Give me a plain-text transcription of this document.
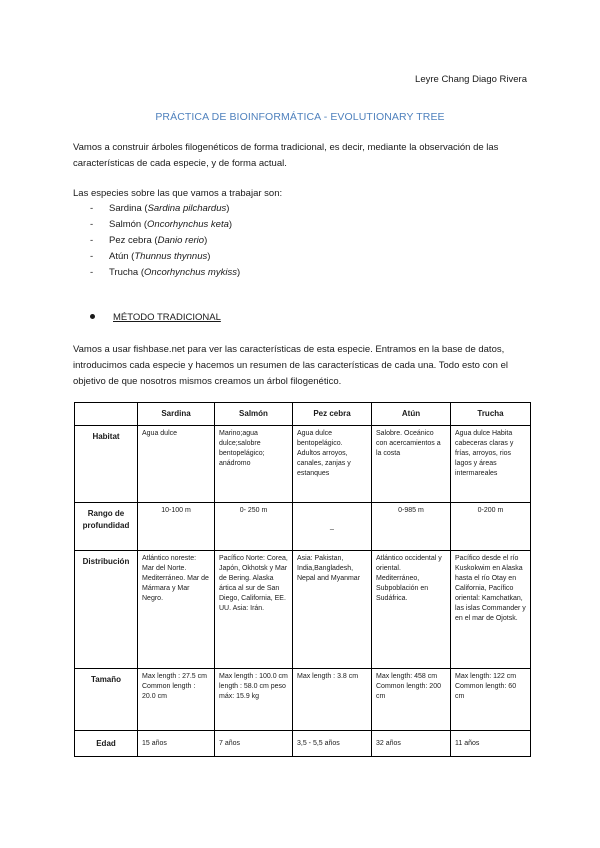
Leyre Chang Diago Rivera
PRÁCTICA DE BIOINFORMÁTICA - EVOLUTIONARY TREE
Vamos a construir árboles filogenéticos de forma tradicional, es decir, mediante la observación de las características de cada especie, y de forma actual.
Las especies sobre las que vamos a trabajar son:
- Sardina (Sardina pilchardus)
- Salmón (Oncorhynchus keta)
- Pez cebra (Danio rerio)
- Atún (Thunnus thynnus)
- Trucha (Oncorhynchus mykiss)
MÉTODO TRADICIONAL
Vamos a usar fishbase.net para ver las características de esta especie. Entramos en la base de datos, introducimos cada especie y hacemos un resumen de las características de cada una. Todo esto con el objetivo de que nosotros mismos creamos un árbol filogenético.
	Sardina	Salmón	Pez cebra	Atún	Trucha
Habitat	Agua dulce	Marino;agua dulce;salobre bentopelágico; anádromo	Agua dulce bentopelágico. Adultos arroyos, canales, zanjas y estanques	Salobre. Oceánico con acercamientos a la costa	Agua dulce Habita cabeceras claras y frías, arroyos, rios lagos y áreas intermareales
Rango de profundidad	10-100 m	0- 250 m	_	0-985 m	0-200 m
Distribución	Atlántico noreste: Mar del Norte. Mediterráneo. Mar de Mármara y Mar Negro.	Pacífico Norte: Corea, Japón, Okhotsk y Mar de Bering. Alaska ártica al sur de San Diego, California, EE. UU. Asia: Irán.	Asia: Pakistan, India,Bangladesh, Nepal and Myanmar	Atlántico occidental y oriental. Mediterráneo, Subpoblación en Sudáfrica.	Pacífico desde el río Kuskokwim en Alaska hasta el río Otay en California, Pacífico oriental: Kamchatkan, las islas Commander y en el mar de Ojotsk.
Tamaño	Max length : 27.5 cm Common length : 20.0 cm	Max length : 100.0 cm length : 58.0 cm peso máx: 15.9 kg	Max length : 3.8 cm	Max length: 458 cm Common length: 200 cm	Max length: 122 cm Common length: 60 cm
Edad	15 años	7 años	3,5 - 5,5 años	32 años	11 años
